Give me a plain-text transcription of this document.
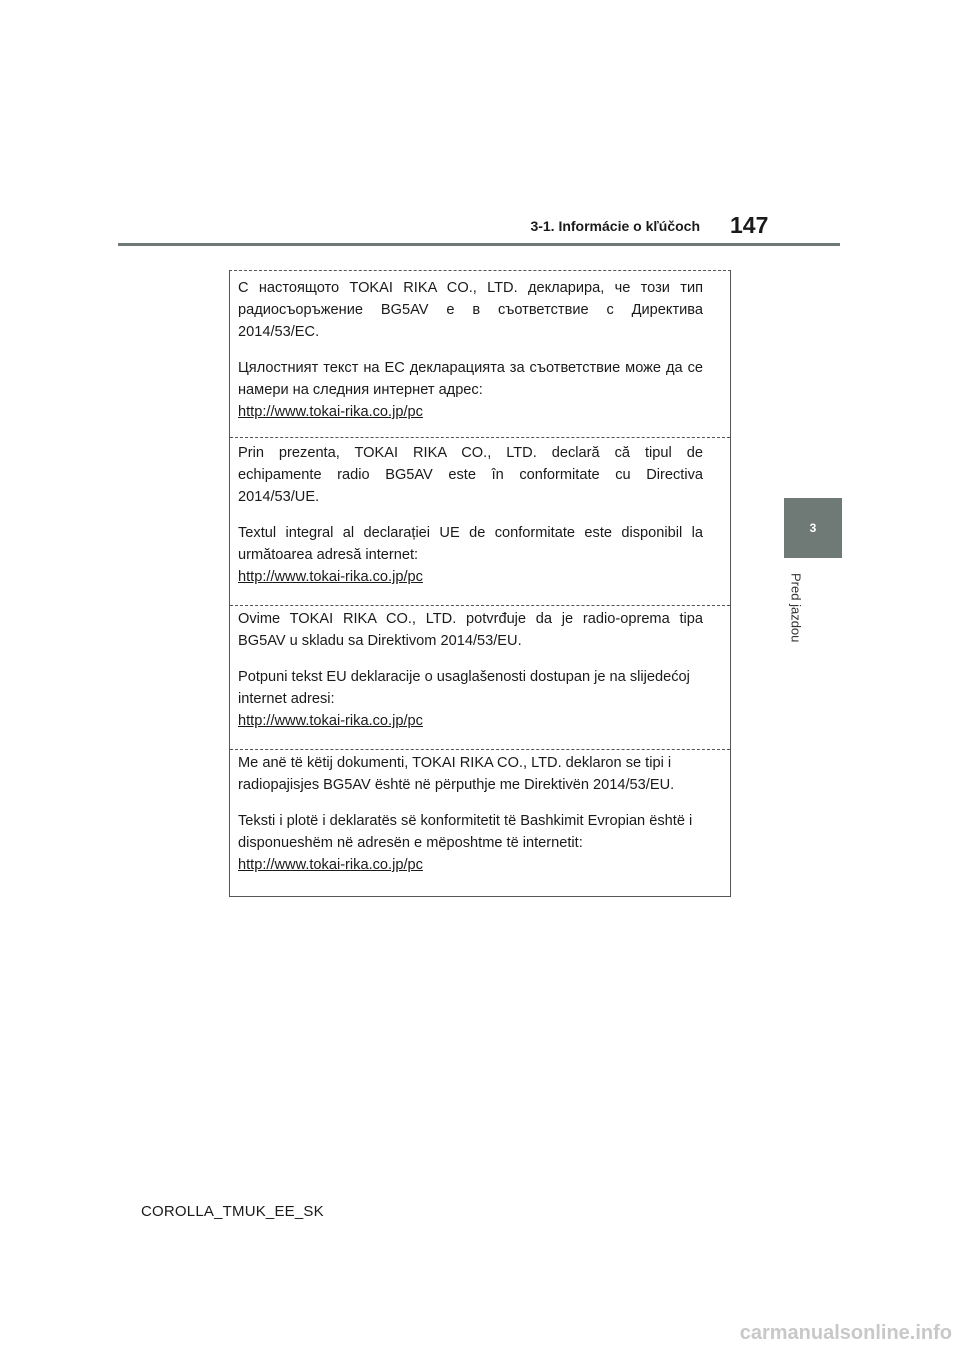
3-1. Informácie o kľúčoch 147
3
Pred jazdou

С настоящото TOKAI RIKA CO., LTD. декларира, че този тип

радиосъоръжение BG5AV е в съответствие с Директива

2014/53/ЕС.

Цялостният текст на ЕС декларацията за съответствие може да се намери на следния интернет адрес:

http://www.tokai-rika.co.jp/pc

Prin prezenta, TOKAI RIKA CO., LTD. declară că tipul de

echipamente radio BG5AV este în conformitate cu Directiva

2014/53/UE.

Textul integral al declarației UE de conformitate este disponibil la următoarea adresă internet:

http://www.tokai-rika.co.jp/pc

Ovime TOKAI RIKA CO., LTD. potvrđuje da je radio-oprema tipa

BG5AV u skladu sa Direktivom 2014/53/EU.

Potpuni tekst EU deklaracije o usaglašenosti dostupan je na slijedećoj internet adresi:

http://www.tokai-rika.co.jp/pc

Me anë të këtij dokumenti, TOKAI RIKA CO., LTD. deklaron se tipi i radiopajisjes BG5AV është në përputhje me Direktivën 2014/53/EU.

Teksti i plotë i deklaratës së konformitetit të Bashkimit Evropian është i disponueshëm në adresën e mëposhtme të internetit:

http://www.tokai-rika.co.jp/pc
COROLLA_TMUK_EE_SK
carmanualsonline.info
